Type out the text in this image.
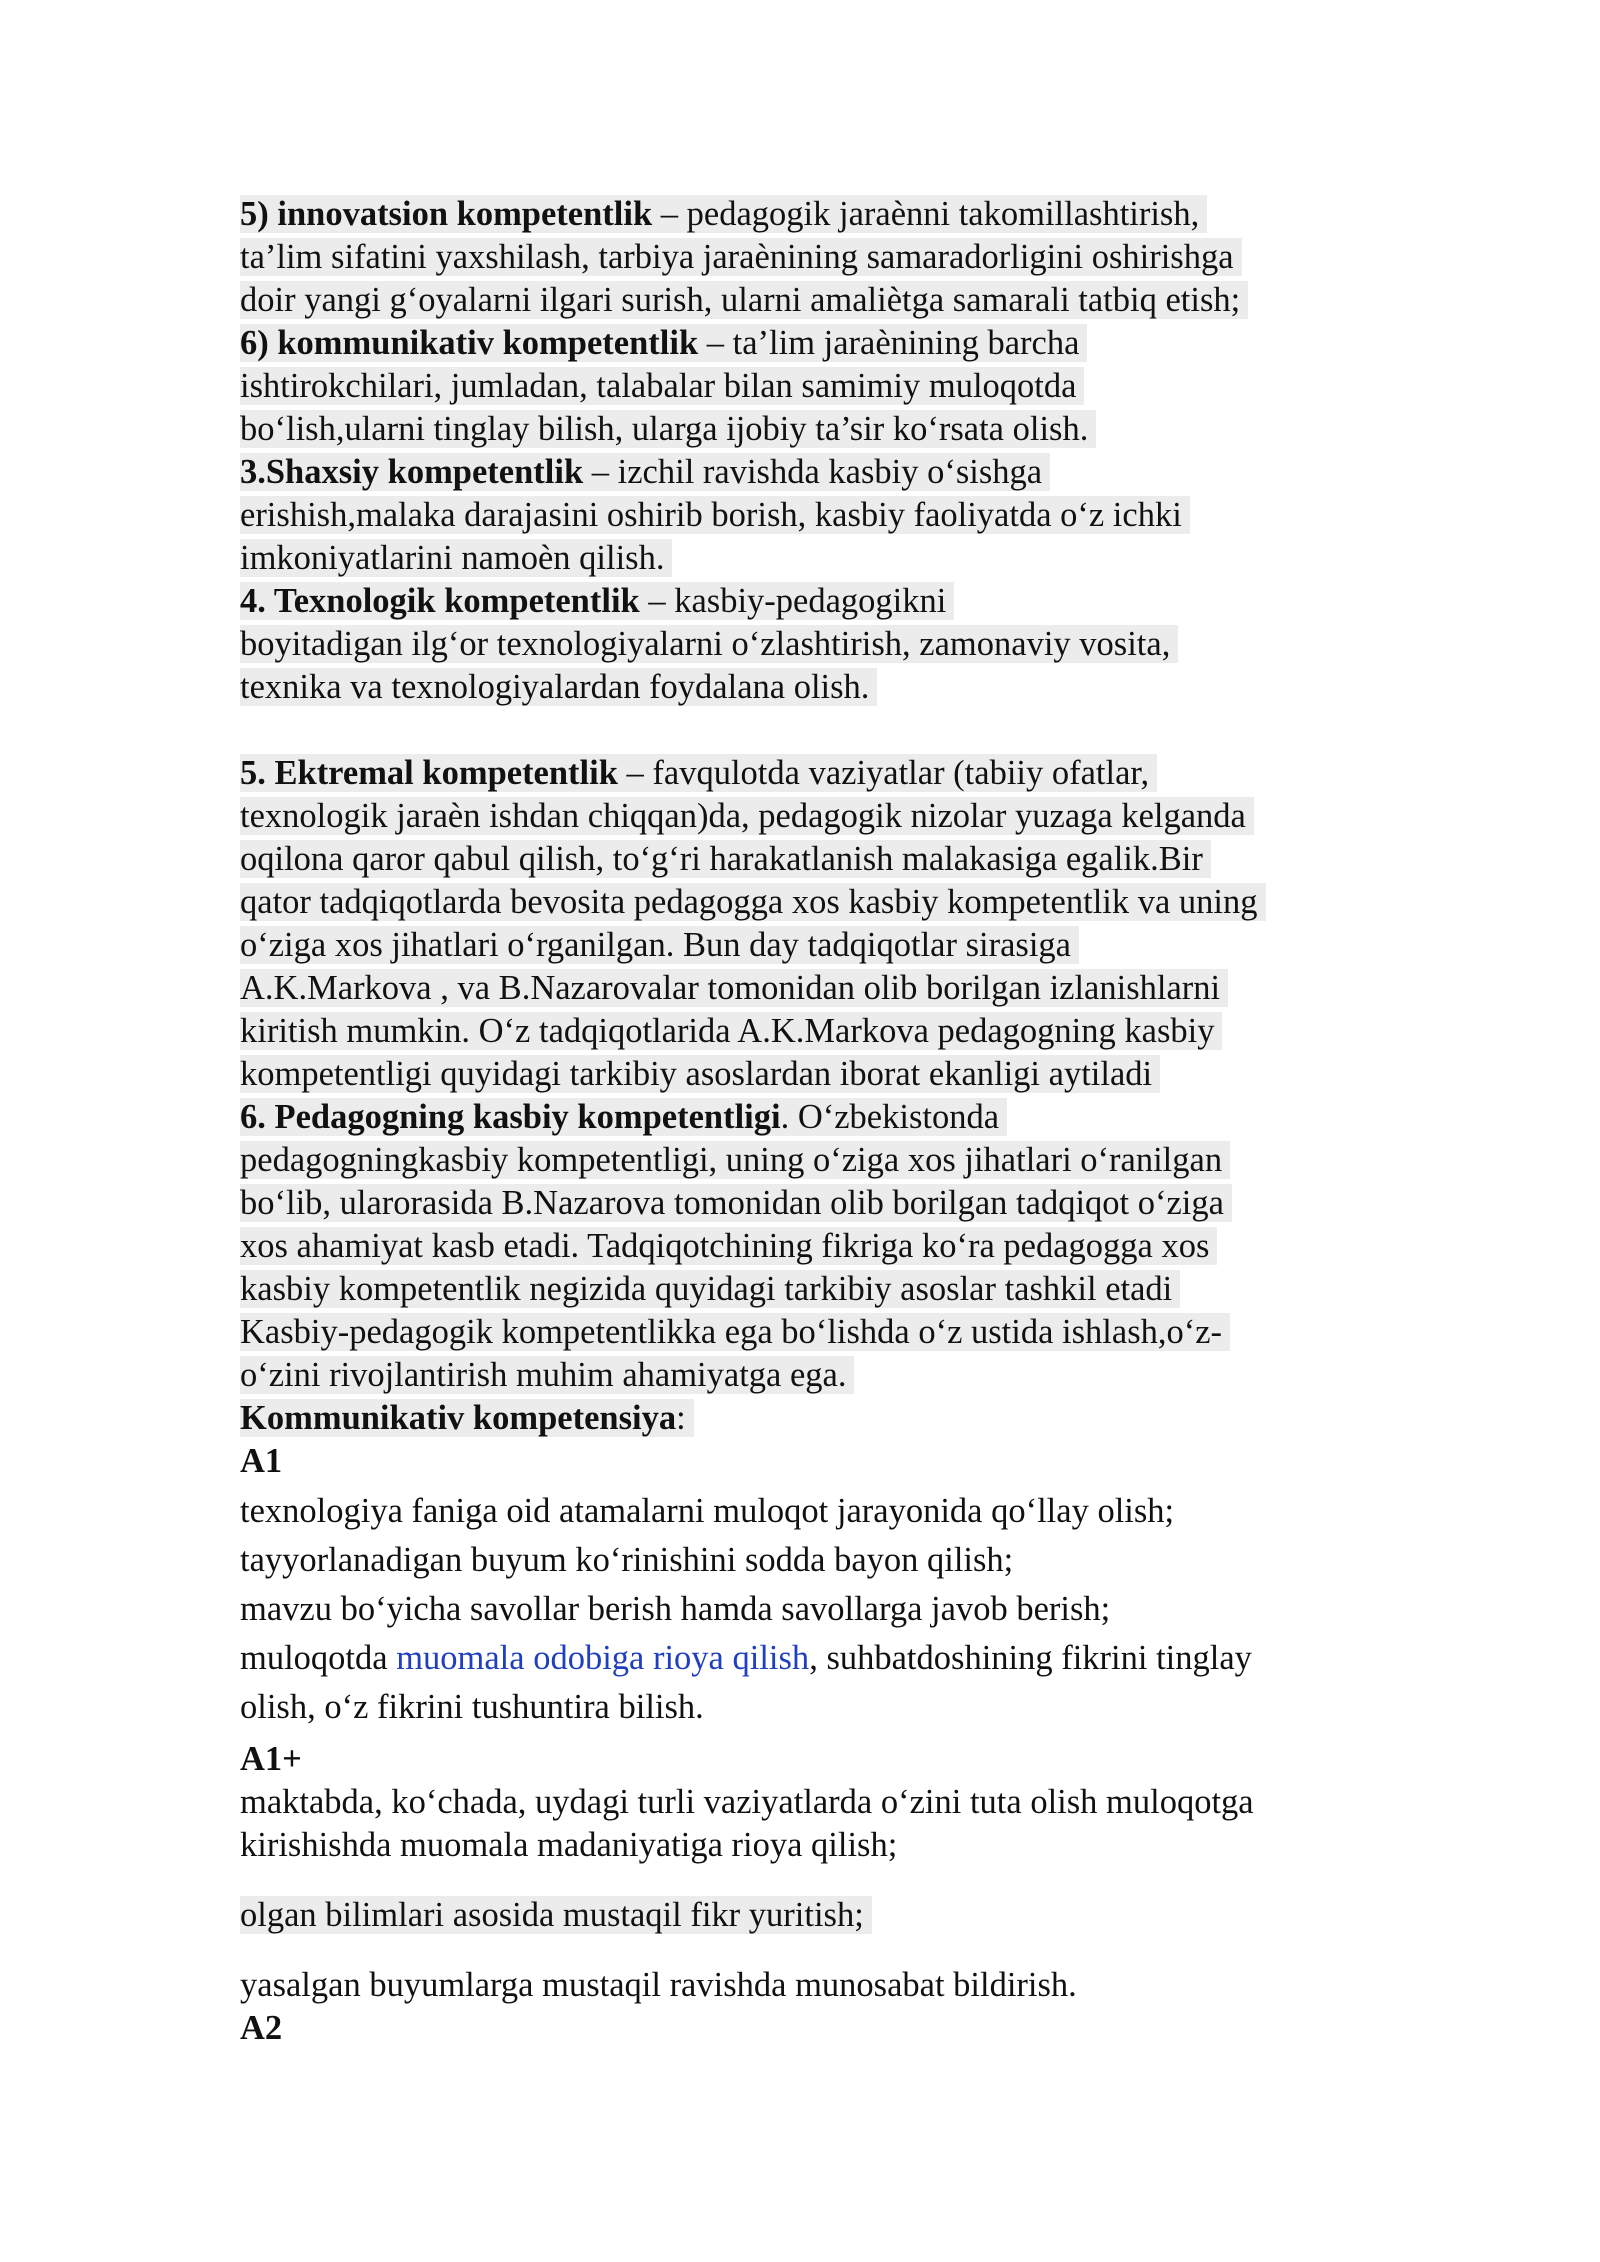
5) innovatsion kompetentlik – pedagogik jaraènni takomillashtirish,
ta’lim sifatini yaxshilash, tarbiya jaraènining samaradorligini oshirishga
doir yangi g‘oyalarni ilgari surish, ularni amaliètga samarali tatbiq etish;
6) kommunikativ kompetentlik – ta’lim jaraènining barcha
ishtirokchilari, jumladan, talabalar bilan samimiy muloqotda
bo‘lish,ularni tinglay bilish, ularga ijobiy ta’sir ko‘rsata olish.
3.Shaxsiy kompetentlik – izchil ravishda kasbiy o‘sishga
erishish,malaka darajasini oshirib borish, kasbiy faoliyatda o‘z ichki
imkoniyatlarini namoèn qilish.
4. Texnologik kompetentlik – kasbiy-pedagogikni
boyitadigan ilg‘or texnologiyalarni o‘zlashtirish, zamonaviy vosita,
texnika va texnologiyalardan foydalana olish.
5. Ektremal kompetentlik – favqulotda vaziyatlar (tabiiy ofatlar,
texnologik jaraèn ishdan chiqqan)da, pedagogik nizolar yuzaga kelganda
oqilona qaror qabul qilish, to‘g‘ri harakatlanish malakasiga egalik.Bir
qator tadqiqotlarda bevosita pedagogga xos kasbiy kompetentlik va uning
o‘ziga xos jihatlari o‘rganilgan. Bun day tadqiqotlar sirasiga
A.K.Markova , va B.Nazarovalar tomonidan olib borilgan izlanishlarni
kiritish mumkin. O‘z tadqiqotlarida A.K.Markova pedagogning kasbiy
kompetentligi quyidagi tarkibiy asoslardan iborat ekanligi aytiladi
6. Pedagogning kasbiy kompetentligi. O‘zbekistonda
pedagogningkasbiy kompetentligi, uning o‘ziga xos jihatlari o‘ranilgan
bo‘lib, ularorasida B.Nazarova tomonidan olib borilgan tadqiqot o‘ziga
xos ahamiyat kasb etadi. Tadqiqotchining fikriga ko‘ra pedagogga xos
kasbiy kompetentlik negizida quyidagi tarkibiy asoslar tashkil etadi
Kasbiy-pedagogik kompetentlikka ega bo‘lishda o‘z ustida ishlash,o‘z-
o‘zini rivojlantirish muhim ahamiyatga ega.
Kommunikativ kompetensiya:
A1
texnologiya faniga oid atamalarni muloqot jarayonida qo‘llay olish;
tayyorlanadigan buyum ko‘rinishini sodda bayon qilish;
mavzu bo‘yicha savollar berish hamda savollarga javob berish;
muloqotda muomala odobiga rioya qilish, suhbatdoshining fikrini tinglay
olish, o‘z fikrini tushuntira bilish.
A1+
maktabda, ko‘chada, uydagi turli vaziyatlarda o‘zini tuta olish muloqotga
kirishishda muomala madaniyatiga rioya qilish;
olgan bilimlari asosida mustaqil fikr yuritish;
yasalgan buyumlarga mustaqil ravishda munosabat bildirish.
A2
